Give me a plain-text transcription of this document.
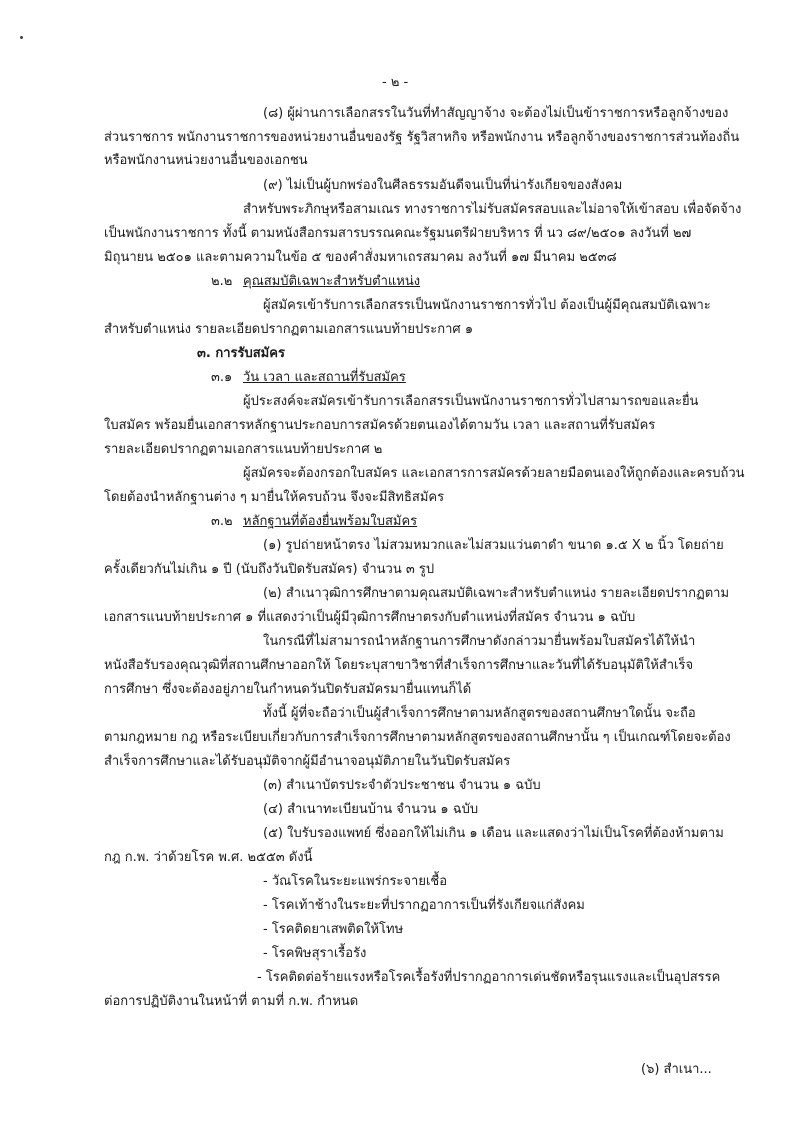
- ๒ -
(๘) ผู้ผ่านการเลือกสรรในวันที่ทำสัญญาจ้าง จะต้องไม่เป็นข้าราชการหรือลูกจ้างของ
ส่วนราชการ พนักงานราชการของหน่วยงานอื่นของรัฐ รัฐวิสาหกิจ หรือพนักงาน หรือลูกจ้างของราชการส่วนท้องถิ่น
หรือพนักงานหน่วยงานอื่นของเอกชน
(๙) ไม่เป็นผู้บกพร่องในศีลธรรมอันดีจนเป็นที่น่ารังเกียจของสังคม
สำหรับพระภิกษุหรือสามเณร ทางราชการไม่รับสมัครสอบและไม่อาจให้เข้าสอบ เพื่อจัดจ้าง
เป็นพนักงานราชการ ทั้งนี้ ตามหนังสือกรมสารบรรณคณะรัฐมนตรีฝ่ายบริหาร ที่ นว ๘๙/๒๕๐๑ ลงวันที่ ๒๗
มิถุนายน ๒๕๐๑ และตามความในข้อ ๕ ของคำสั่งมหาเถรสมาคม ลงวันที่ ๑๗ มีนาคม ๒๕๓๘
๒.๒ คุณสมบัติเฉพาะสำหรับตำแหน่ง
ผู้สมัครเข้ารับการเลือกสรรเป็นพนักงานราชการทั่วไป ต้องเป็นผู้มีคุณสมบัติเฉพาะ
สำหรับตำแหน่ง รายละเอียดปรากฏตามเอกสารแนบท้ายประกาศ ๑
๓. การรับสมัคร
๓.๑ วัน เวลา และสถานที่รับสมัคร
ผู้ประสงค์จะสมัครเข้ารับการเลือกสรรเป็นพนักงานราชการทั่วไปสามารถขอและยื่น
ใบสมัคร พร้อมยื่นเอกสารหลักฐานประกอบการสมัครด้วยตนเองได้ตามวัน เวลา และสถานที่รับสมัคร
รายละเอียดปรากฏตามเอกสารแนบท้ายประกาศ ๒
ผู้สมัครจะต้องกรอกใบสมัคร และเอกสารการสมัครด้วยลายมือตนเองให้ถูกต้องและครบถ้วน
โดยต้องนำหลักฐานต่าง ๆ มายื่นให้ครบถ้วน จึงจะมีสิทธิสมัคร
๓.๒ หลักฐานที่ต้องยื่นพร้อมใบสมัคร
(๑) รูปถ่ายหน้าตรง ไม่สวมหมวกและไม่สวมแว่นตาดำ ขนาด ๑.๕ X ๒ นิ้ว โดยถ่าย
ครั้งเดียวกันไม่เกิน ๑ ปี (นับถึงวันปิดรับสมัคร) จำนวน ๓ รูป
(๒) สำเนาวุฒิการศึกษาตามคุณสมบัติเฉพาะสำหรับตำแหน่ง รายละเอียดปรากฏตาม
เอกสารแนบท้ายประกาศ ๑ ที่แสดงว่าเป็นผู้มีวุฒิการศึกษาตรงกับตำแหน่งที่สมัคร จำนวน ๑ ฉบับ
ในกรณีที่ไม่สามารถนำหลักฐานการศึกษาดังกล่าวมายื่นพร้อมใบสมัครได้ให้นำ
หนังสือรับรองคุณวุฒิที่สถานศึกษาออกให้ โดยระบุสาขาวิชาที่สำเร็จการศึกษาและวันที่ได้รับอนุมัติให้สำเร็จ
การศึกษา ซึ่งจะต้องอยู่ภายในกำหนดวันปิดรับสมัครมายื่นแทนก็ได้
ทั้งนี้ ผู้ที่จะถือว่าเป็นผู้สำเร็จการศึกษาตามหลักสูตรของสถานศึกษาใดนั้น จะถือ
ตามกฎหมาย กฎ หรือระเบียบเกี่ยวกับการสำเร็จการศึกษาตามหลักสูตรของสถานศึกษานั้น ๆ เป็นเกณฑ์โดยจะต้อง
สำเร็จการศึกษาและได้รับอนุมัติจากผู้มีอำนาจอนุมัติภายในวันปิดรับสมัคร
(๓) สำเนาบัตรประจำตัวประชาชน จำนวน ๑ ฉบับ
(๔) สำเนาทะเบียนบ้าน จำนวน ๑ ฉบับ
(๕) ใบรับรองแพทย์ ซึ่งออกให้ไม่เกิน ๑ เดือน และแสดงว่าไม่เป็นโรคที่ต้องห้ามตาม
กฎ ก.พ. ว่าด้วยโรค พ.ศ. ๒๕๕๓ ดังนี้
- วัณโรคในระยะแพร่กระจายเชื้อ
- โรคเท้าช้างในระยะที่ปรากฏอาการเป็นที่รังเกียจแก่สังคม
- โรคติดยาเสพติดให้โทษ
- โรคพิษสุราเรื้อรัง
- โรคติดต่อร้ายแรงหรือโรคเรื้อรังที่ปรากฏอาการเด่นชัดหรือรุนแรงและเป็นอุปสรรค
ต่อการปฏิบัติงานในหน้าที่ ตามที่ ก.พ. กำหนด
(๖) สำเนา...
